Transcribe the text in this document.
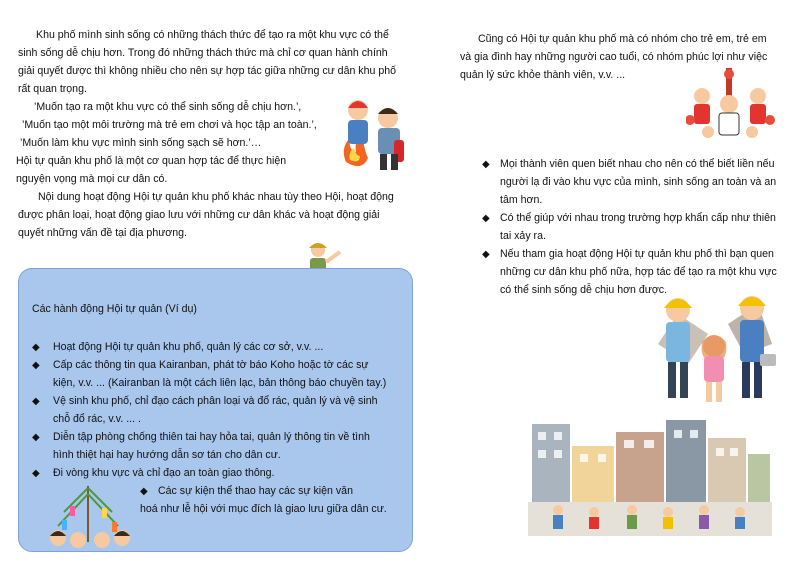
Khu phố mình sinh sống có những thách thức để tạo ra một khu vực có thể
sinh sống dễ chịu hơn. Trong đó những thách thức mà chỉ cơ quan hành chính
giải quyết được thì không nhiều cho nên sự hợp tác giữa những cư dân khu phố
rất quan trọng.
’Muốn tạo ra một khu vực có thể sinh sống dễ chịu hơn.’,
’Muốn tạo một môi trường mà trẻ em chơi và học tập an toàn.’,
’Muốn làm khu vực mình sinh sống sạch sẽ hơn.’…
Hội tự quản khu phố là một cơ quan hợp tác để thực hiện
nguyện vọng mà mọi cư dân có.
Nội dung hoạt động Hội tự quản khu phố khác nhau tùy theo Hội, hoạt động
được phân loại, hoạt động giao lưu với những cư dân khác và hoạt động giải
quyết những vấn đề tại địa phương.
Các hành động Hội tự quản (Ví dụ)
◆ Hoạt động Hội tự quản khu phố, quản lý các cơ sở, v.v. ...
◆ Cấp các thông tin qua Kairanban, phát tờ báo Koho hoặc tờ các sự
kiện, v.v. ... (Kairanban là một cách liên lạc, bản thông báo chuyền tay.)
◆ Vệ sinh khu phố, chỉ đạo cách phân loại và đổ rác, quản lý và vệ sinh
chỗ đổ rác, v.v. ... .
◆ Diễn tập phòng chống thiên tai hay hỏa tai, quản lý thông tin về tình
hình thiệt hại hay hướng dẫn sơ tán cho dân cư.
◆ Đi vòng khu vực và chỉ đạo an toàn giao thông.
◆ Các sự kiện thể thao hay các sự kiện văn
hoá như lễ hội với mục đích là giao lưu giữa dân cư.
Cũng có Hội tự quản khu phố mà có nhóm cho trẻ em, trẻ em
và gia đình hay những người cao tuổi, có nhóm phúc lợi như việc
quản lý sức khỏe thành viên, v.v. ...
◆ Mọi thành viên quen biết nhau cho nên có thể biết liền nếu
người lạ đi vào khu vực của mình, sinh sống an toàn và an
tâm hơn.
◆ Có thể giúp với nhau trong trường hợp khẩn cấp như thiên
tai xảy ra.
◆ Nếu tham gia hoạt động Hội tự quản khu phố thì bạn quen
những cư dân khu phố nữa, hợp tác để tạo ra một khu vực
có thể sinh sống dễ chịu hơn được.
